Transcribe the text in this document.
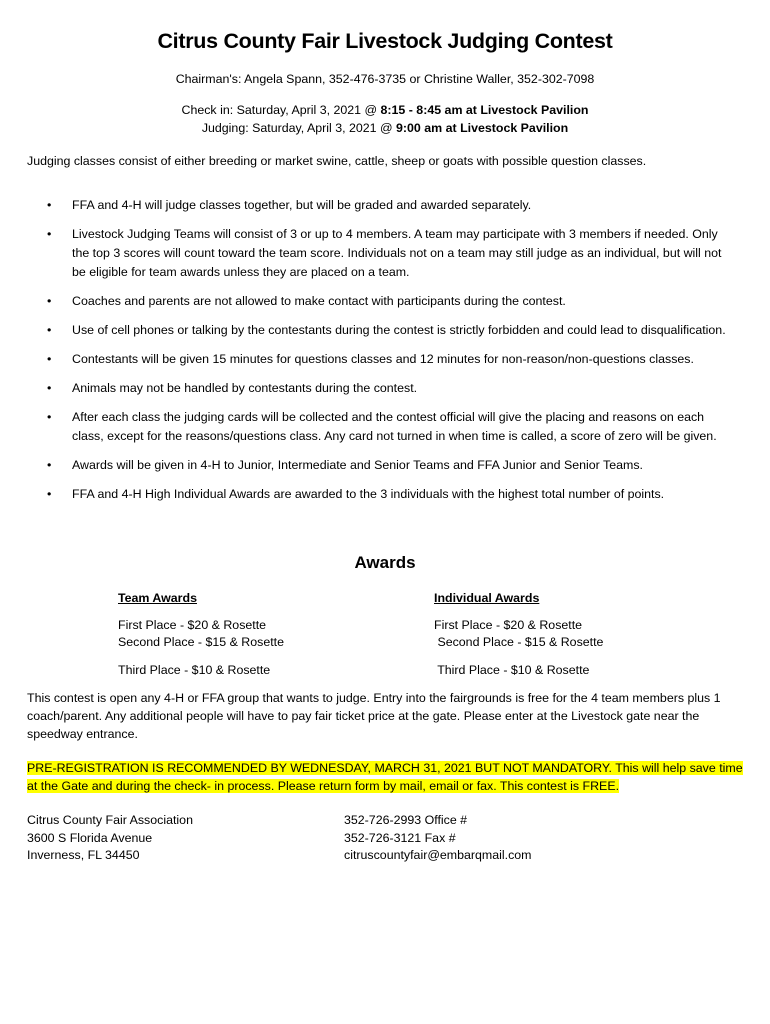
Citrus County Fair Livestock Judging Contest
Chairman's: Angela Spann, 352-476-3735 or Christine Waller, 352-302-7098
Check in: Saturday, April 3, 2021 @ 8:15 - 8:45 am at Livestock Pavilion
Judging: Saturday, April 3, 2021 @ 9:00 am at Livestock Pavilion
Judging classes consist of either breeding or market swine, cattle, sheep or goats with possible question classes.
• FFA and 4-H will judge classes together, but will be graded and awarded separately.
• Livestock Judging Teams will consist of 3 or up to 4 members. A team may participate with 3 members if needed. Only the top 3 scores will count toward the team score. Individuals not on a team may still judge as an individual, but will not be eligible for team awards unless they are placed on a team.
• Coaches and parents are not allowed to make contact with participants during the contest.
• Use of cell phones or talking by the contestants during the contest is strictly forbidden and could lead to disqualification.
• Contestants will be given 15 minutes for questions classes and 12 minutes for non-reason/non-questions classes.
• Animals may not be handled by contestants during the contest.
• After each class the judging cards will be collected and the contest official will give the placing and reasons on each class, except for the reasons/questions class. Any card not turned in when time is called, a score of zero will be given.
• Awards will be given in 4-H to Junior, Intermediate and Senior Teams and FFA Junior and Senior Teams.
• FFA and 4-H High Individual Awards are awarded to the 3 individuals with the highest total number of points.
Awards
Team Awards
First Place - $20 & Rosette
Second Place - $15 & Rosette
Third Place - $10 & Rosette
Individual Awards
First Place - $20 & Rosette
Second Place - $15 & Rosette
Third Place - $10 & Rosette
This contest is open any 4-H or FFA group that wants to judge. Entry into the fairgrounds is free for the 4 team members plus 1 coach/parent. Any additional people will have to pay fair ticket price at the gate. Please enter at the Livestock gate near the speedway entrance.
PRE-REGISTRATION IS RECOMMENDED BY WEDNESDAY, MARCH 31, 2021 BUT NOT MANDATORY. This will help save time at the Gate and during the check- in process. Please return form by mail, email or fax. This contest is FREE.
Citrus County Fair Association
3600 S Florida Avenue
Inverness, FL 34450
352-726-2993 Office #
352-726-3121 Fax #
citruscountyfair@embarqmail.com
